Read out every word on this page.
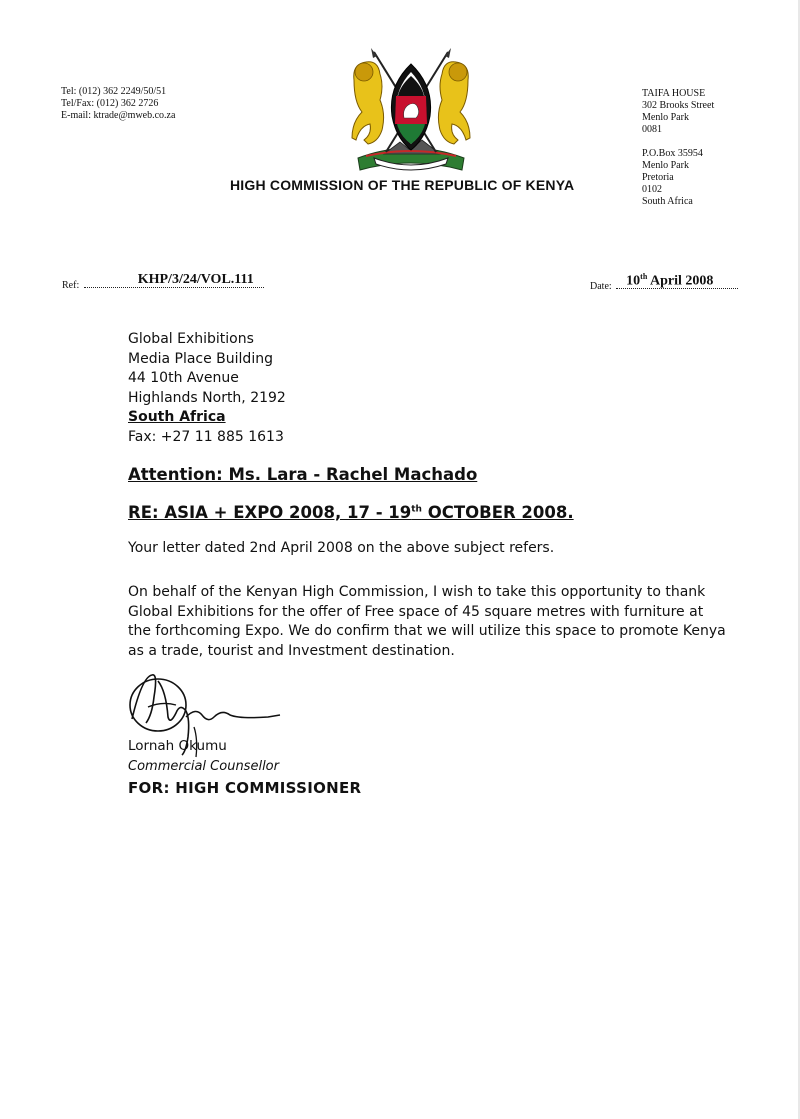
Tel: (012) 362 2249/50/51
Tel/Fax: (012) 362 2726
E-mail: ktrade@mweb.co.za
TAIFA HOUSE
302 Brooks Street
Menlo Park
0081
P.O.Box 35954
Menlo Park
Pretoria
0102
South Africa
HIGH COMMISSION OF THE REPUBLIC OF KENYA
Ref:	KHP/3/24/VOL.111	Date: 10th April 2008
Global Exhibitions
Media Place Building
44 10th Avenue
Highlands North, 2192
South Africa
Fax: +27 11 885 1613
Attention: Ms. Lara - Rachel Machado
RE: ASIA + EXPO 2008, 17 - 19th OCTOBER 2008.
Your letter dated 2nd April 2008 on the above subject refers.
On behalf of the Kenyan High Commission, I wish to take this opportunity to thank Global Exhibitions for the offer of Free space of 45 square metres with furniture at the forthcoming Expo. We do confirm that we will utilize this space to promote Kenya as a trade, tourist and Investment destination.
Lornah Okumu
Commercial Counsellor
FOR: HIGH COMMISSIONER
